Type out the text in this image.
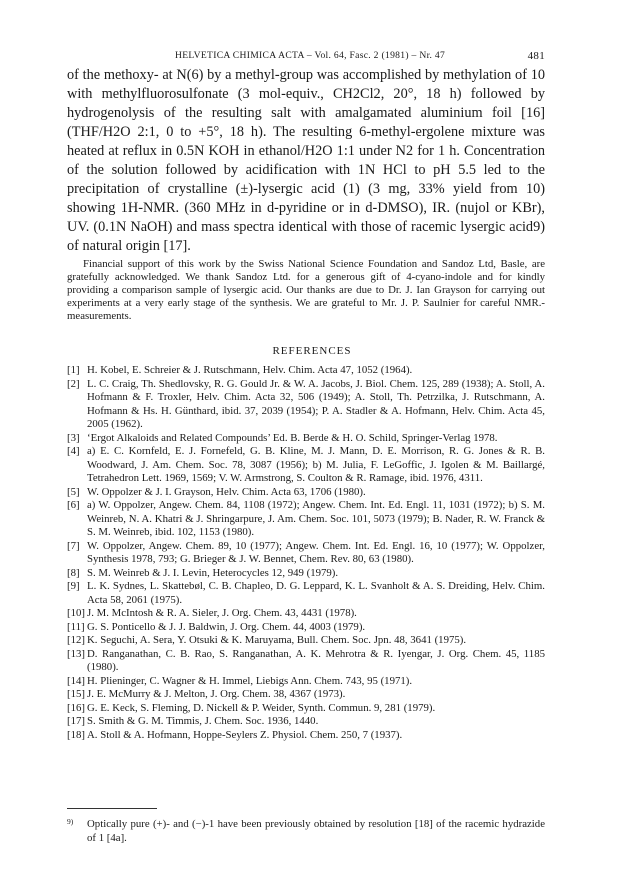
HELVETICA CHIMICA ACTA – Vol. 64, Fasc. 2 (1981) – Nr. 47	481

of the methoxy- at N(6) by a methyl-group was accomplished by methylation of 10 with methylfluorosulfonate (3 mol-equiv., CH2Cl2, 20°, 18 h) followed by hydrogenolysis of the resulting salt with amalgamated aluminium foil [16] (THF/H2O 2:1, 0 to +5°, 18 h). The resulting 6-methyl-ergolene mixture was heated at reflux in 0.5N KOH in ethanol/H2O 1:1 under N2 for 1 h. Concentration of the solution followed by acidification with 1N HCl to pH 5.5 led to the precipitation of crystalline (±)-lysergic acid (1) (3 mg, 33% yield from 10) showing 1H-NMR. (360 MHz in d-pyridine or in d-DMSO), IR. (nujol or KBr), UV. (0.1N NaOH) and mass spectra identical with those of racemic lysergic acid9) of natural origin [17].

Financial support of this work by the Swiss National Science Foundation and Sandoz Ltd, Basle, are gratefully acknowledged. We thank Sandoz Ltd. for a generous gift of 4-cyano-indole and for kindly providing a comparison sample of lysergic acid. Our thanks are due to Dr. J. Ian Grayson for carrying out experiments at a very early stage of the synthesis. We are grateful to Mr. J. P. Saulnier for careful NMR.-measurements.

REFERENCES
[1] H. Kobel, E. Schreier & J. Rutschmann, Helv. Chim. Acta 47, 1052 (1964).
[2] L. C. Craig, Th. Shedlovsky, R. G. Gould Jr. & W. A. Jacobs, J. Biol. Chem. 125, 289 (1938); A. Stoll, A. Hofmann & F. Troxler, Helv. Chim. Acta 32, 506 (1949); A. Stoll, Th. Petrzilka, J. Rutschmann, A. Hofmann & Hs. H. Günthard, ibid. 37, 2039 (1954); P. A. Stadler & A. Hofmann, Helv. Chim. Acta 45, 2005 (1962).
[3] ‘Ergot Alkaloids and Related Compounds’ Ed. B. Berde & H. O. Schild, Springer-Verlag 1978.
[4] a) E. C. Kornfeld, E. J. Fornefeld, G. B. Kline, M. J. Mann, D. E. Morrison, R. G. Jones & R. B. Woodward, J. Am. Chem. Soc. 78, 3087 (1956); b) M. Julia, F. LeGoffic, J. Igolen & M. Baillargé, Tetrahedron Lett. 1969, 1569; V. W. Armstrong, S. Coulton & R. Ramage, ibid. 1976, 4311.
[5] W. Oppolzer & J. I. Grayson, Helv. Chim. Acta 63, 1706 (1980).
[6] a) W. Oppolzer, Angew. Chem. 84, 1108 (1972); Angew. Chem. Int. Ed. Engl. 11, 1031 (1972); b) S. M. Weinreb, N. A. Khatri & J. Shringarpure, J. Am. Chem. Soc. 101, 5073 (1979); B. Nader, R. W. Franck & S. M. Weinreb, ibid. 102, 1153 (1980).
[7] W. Oppolzer, Angew. Chem. 89, 10 (1977); Angew. Chem. Int. Ed. Engl. 16, 10 (1977); W. Oppolzer, Synthesis 1978, 793; G. Brieger & J. W. Bennet, Chem. Rev. 80, 63 (1980).
[8] S. M. Weinreb & J. I. Levin, Heterocycles 12, 949 (1979).
[9] L. K. Sydnes, L. Skattebøl, C. B. Chapleo, D. G. Leppard, K. L. Svanholt & A. S. Dreiding, Helv. Chim. Acta 58, 2061 (1975).
[10] J. M. McIntosh & R. A. Sieler, J. Org. Chem. 43, 4431 (1978).
[11] G. S. Ponticello & J. J. Baldwin, J. Org. Chem. 44, 4003 (1979).
[12] K. Seguchi, A. Sera, Y. Otsuki & K. Maruyama, Bull. Chem. Soc. Jpn. 48, 3641 (1975).
[13] D. Ranganathan, C. B. Rao, S. Ranganathan, A. K. Mehrotra & R. Iyengar, J. Org. Chem. 45, 1185 (1980).
[14] H. Plieninger, C. Wagner & H. Immel, Liebigs Ann. Chem. 743, 95 (1971).
[15] J. E. McMurry & J. Melton, J. Org. Chem. 38, 4367 (1973).
[16] G. E. Keck, S. Fleming, D. Nickell & P. Weider, Synth. Commun. 9, 281 (1979).
[17] S. Smith & G. M. Timmis, J. Chem. Soc. 1936, 1440.
[18] A. Stoll & A. Hofmann, Hoppe-Seylers Z. Physiol. Chem. 250, 7 (1937).

9)	Optically pure (+)- and (−)-1 have been previously obtained by resolution [18] of the racemic hydrazide of 1 [4a].
